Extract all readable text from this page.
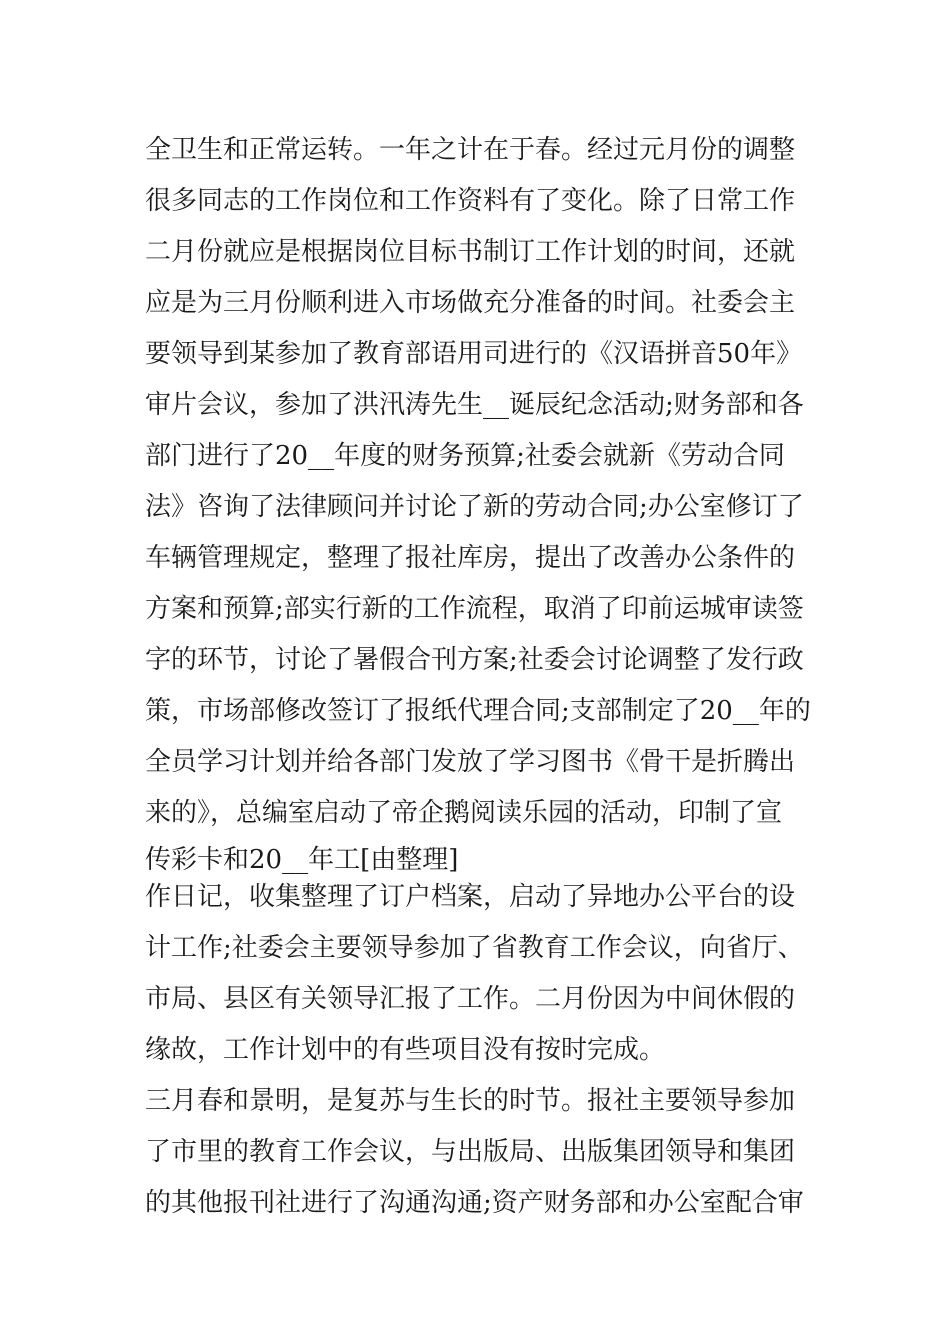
全卫生和正常运转。一年之计在于春。经过元月份的调整
很多同志的工作岗位和工作资料有了变化。除了日常工作
二月份就应是根据岗位目标书制订工作计划的时间，还就
应是为三月份顺利进入市场做充分准备的时间。社委会主
要领导到某参加了教育部语用司进行的《汉语拼音50年》
审片会议，参加了洪汛涛先生__诞辰纪念活动;财务部和各
部门进行了20__年度的财务预算;社委会就新《劳动合同
法》咨询了法律顾问并讨论了新的劳动合同;办公室修订了
车辆管理规定，整理了报社库房，提出了改善办公条件的
方案和预算;部实行新的工作流程，取消了印前运城审读签
字的环节，讨论了暑假合刊方案;社委会讨论调整了发行政
策，市场部修改签订了报纸代理合同;支部制定了20__年的
全员学习计划并给各部门发放了学习图书《骨干是折腾出
来的》，总编室启动了帝企鹅阅读乐园的活动，印制了宣
传彩卡和20__年工[由整理]
作日记，收集整理了订户档案，启动了异地办公平台的设
计工作;社委会主要领导参加了省教育工作会议，向省厅、
市局、县区有关领导汇报了工作。二月份因为中间休假的
缘故，工作计划中的有些项目没有按时完成。
三月春和景明，是复苏与生长的时节。报社主要领导参加
了市里的教育工作会议，与出版局、出版集团领导和集团
的其他报刊社进行了沟通沟通;资产财务部和办公室配合审
